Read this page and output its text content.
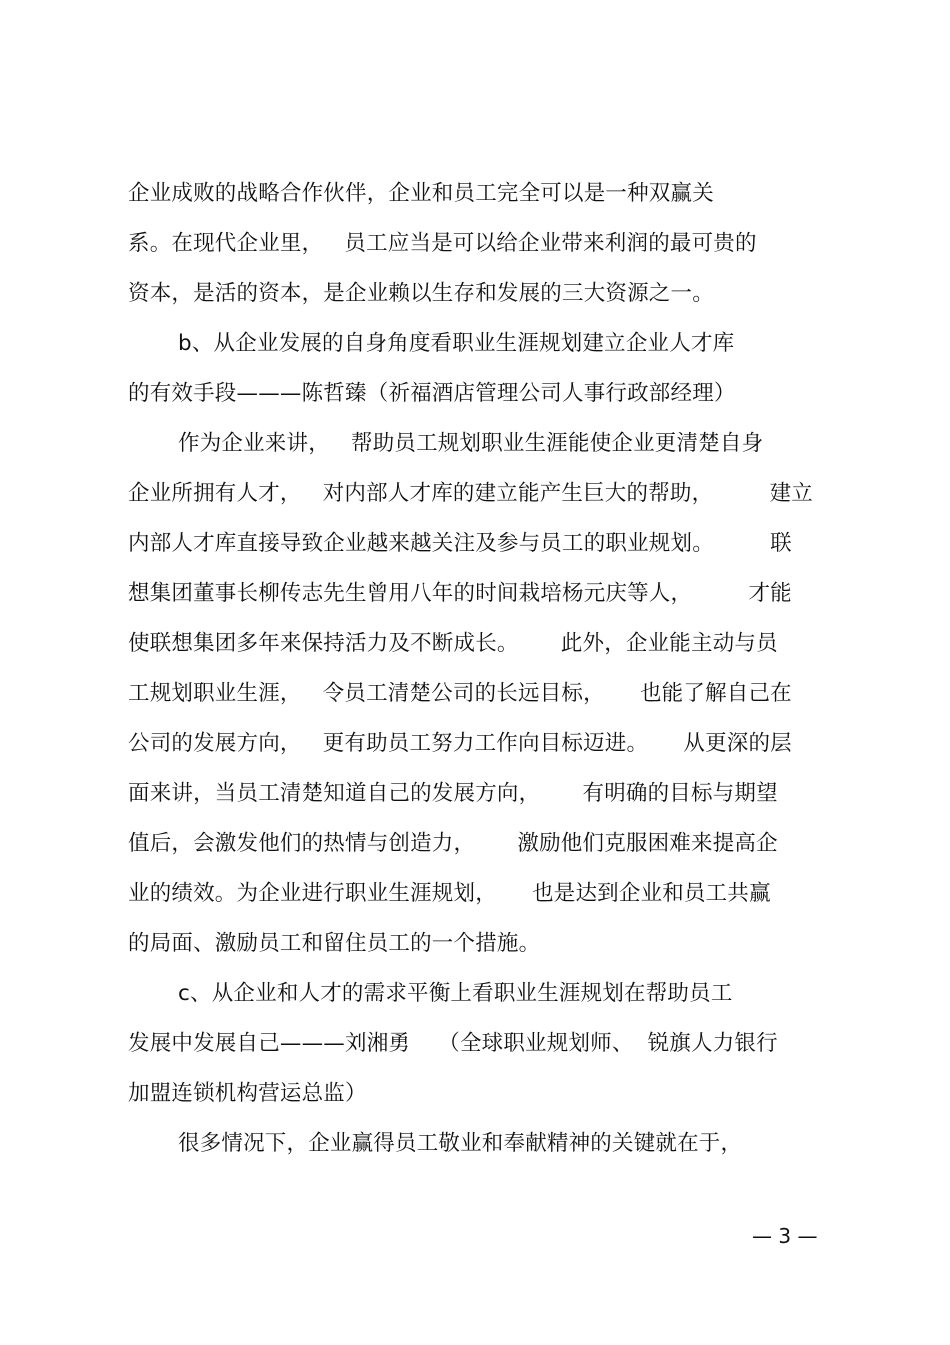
企业成败的战略合作伙伴，企业和员工完全可以是一种双赢关
系。在现代企业里，   员工应当是可以给企业带来利润的最可贵的
资本，是活的资本，是企业赖以生存和发展的三大资源之一。
b、从企业发展的自身角度看职业生涯规划建立企业人才库
的有效手段———陈哲臻（祈福酒店管理公司人事行政部经理）
作为企业来讲，   帮助员工规划职业生涯能使企业更清楚自身
企业所拥有人才，   对内部人才库的建立能产生巨大的帮助，        建立
内部人才库直接导致企业越来越关注及参与员工的职业规划。        联
想集团董事长柳传志先生曾用八年的时间栽培杨元庆等人，        才能
使联想集团多年来保持活力及不断成长。      此外，企业能主动与员
工规划职业生涯，   令员工清楚公司的长远目标，     也能了解自己在
公司的发展方向，   更有助员工努力工作向目标迈进。     从更深的层
面来讲，当员工清楚知道自己的发展方向，      有明确的目标与期望
值后，会激发他们的热情与创造力，      激励他们克服困难来提高企
业的绩效。为企业进行职业生涯规划，     也是达到企业和员工共赢
的局面、激励员工和留住员工的一个措施。
c、从企业和人才的需求平衡上看职业生涯规划在帮助员工
发展中发展自己———刘湘勇    （全球职业规划师、  锐旗人力银行
加盟连锁机构营运总监）
很多情况下，企业赢得员工敬业和奉献精神的关键就在于，
— 3 —
